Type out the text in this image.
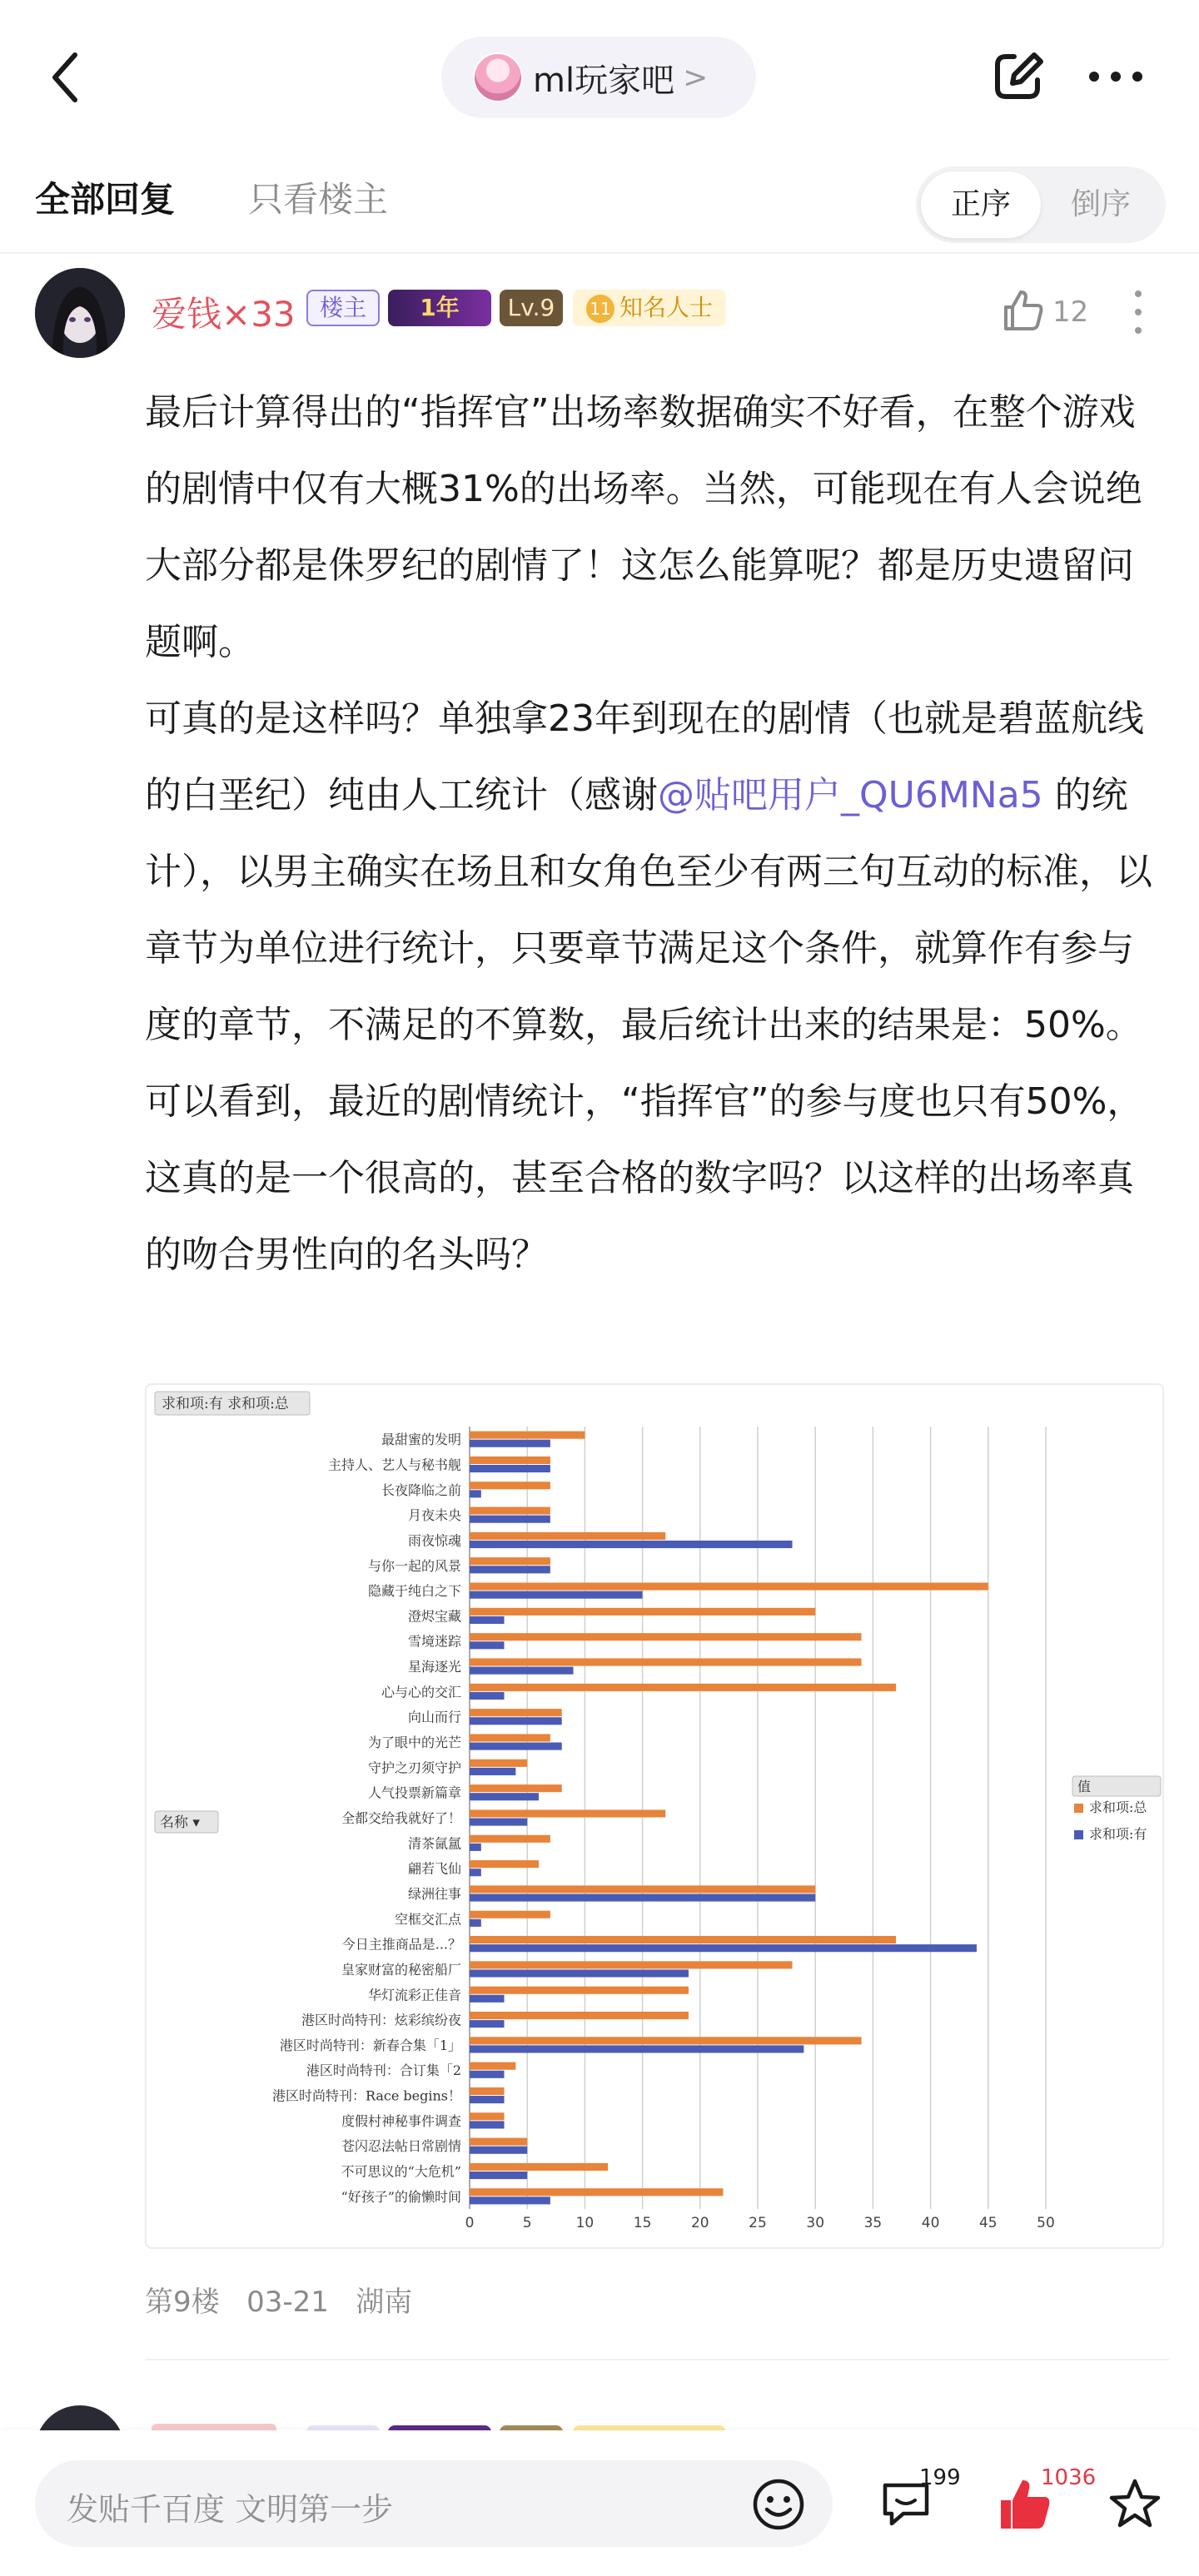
ml玩家吧 >
全部回复 只看楼主	正序	倒序
爱钱×33	楼主	1年	Lv.9	11 知名人士	12

最后计算得出的“指挥官”出场率数据确实不好看，在整个游戏的剧情中仅有大概31%的出场率。当然，可能现在有人会说绝大部分都是侏罗纪的剧情了！这怎么能算呢？都是历史遗留问题啊。

可真的是这样吗？单独拿23年到现在的剧情（也就是碧蓝航线的白垩纪）纯由人工统计（感谢@贴吧用户_QU6MNa5 的统计），以男主确实在场且和女角色至少有两三句互动的标准，以章节为单位进行统计，只要章节满足这个条件，就算作有参与度的章节，不满足的不算数，最后统计出来的结果是：50%。

可以看到，最近的剧情统计，“指挥官”的参与度也只有50%，这真的是一个很高的，甚至合格的数字吗？以这样的出场率真的吻合男性向的名头吗？

求和项:有 求和项:总
0	5	10	15	20	25	30	35	40	45	50
最甜蜜的发明
主持人、艺人与秘书舰
长夜降临之前
月夜未央
雨夜惊魂
与你一起的风景
隐藏于纯白之下
澄烬宝藏
雪境迷踪
星海逐光
心与心的交汇
向山而行
为了眼中的光芒
守护之刃须守护
人气投票新篇章
全都交给我就好了！
清茶氤氲
翩若飞仙
绿洲往事
空框交汇点
今日主推商品是...？
皇家财富的秘密船厂
华灯流彩正佳音
港区时尚特刊：炫彩缤纷夜
港区时尚特刊：新春合集「1」
港区时尚特刊：合订集「2
港区时尚特刊：Race begins！
度假村神秘事件调查
苍闪忍法帖日常剧情
不可思议的“大危机”
“好孩子”的偷懒时间
名称 ▾
值
求和项:总
求和项:有
第9楼 03-21 湖南
发贴千百度 文明第一步
199	1036
